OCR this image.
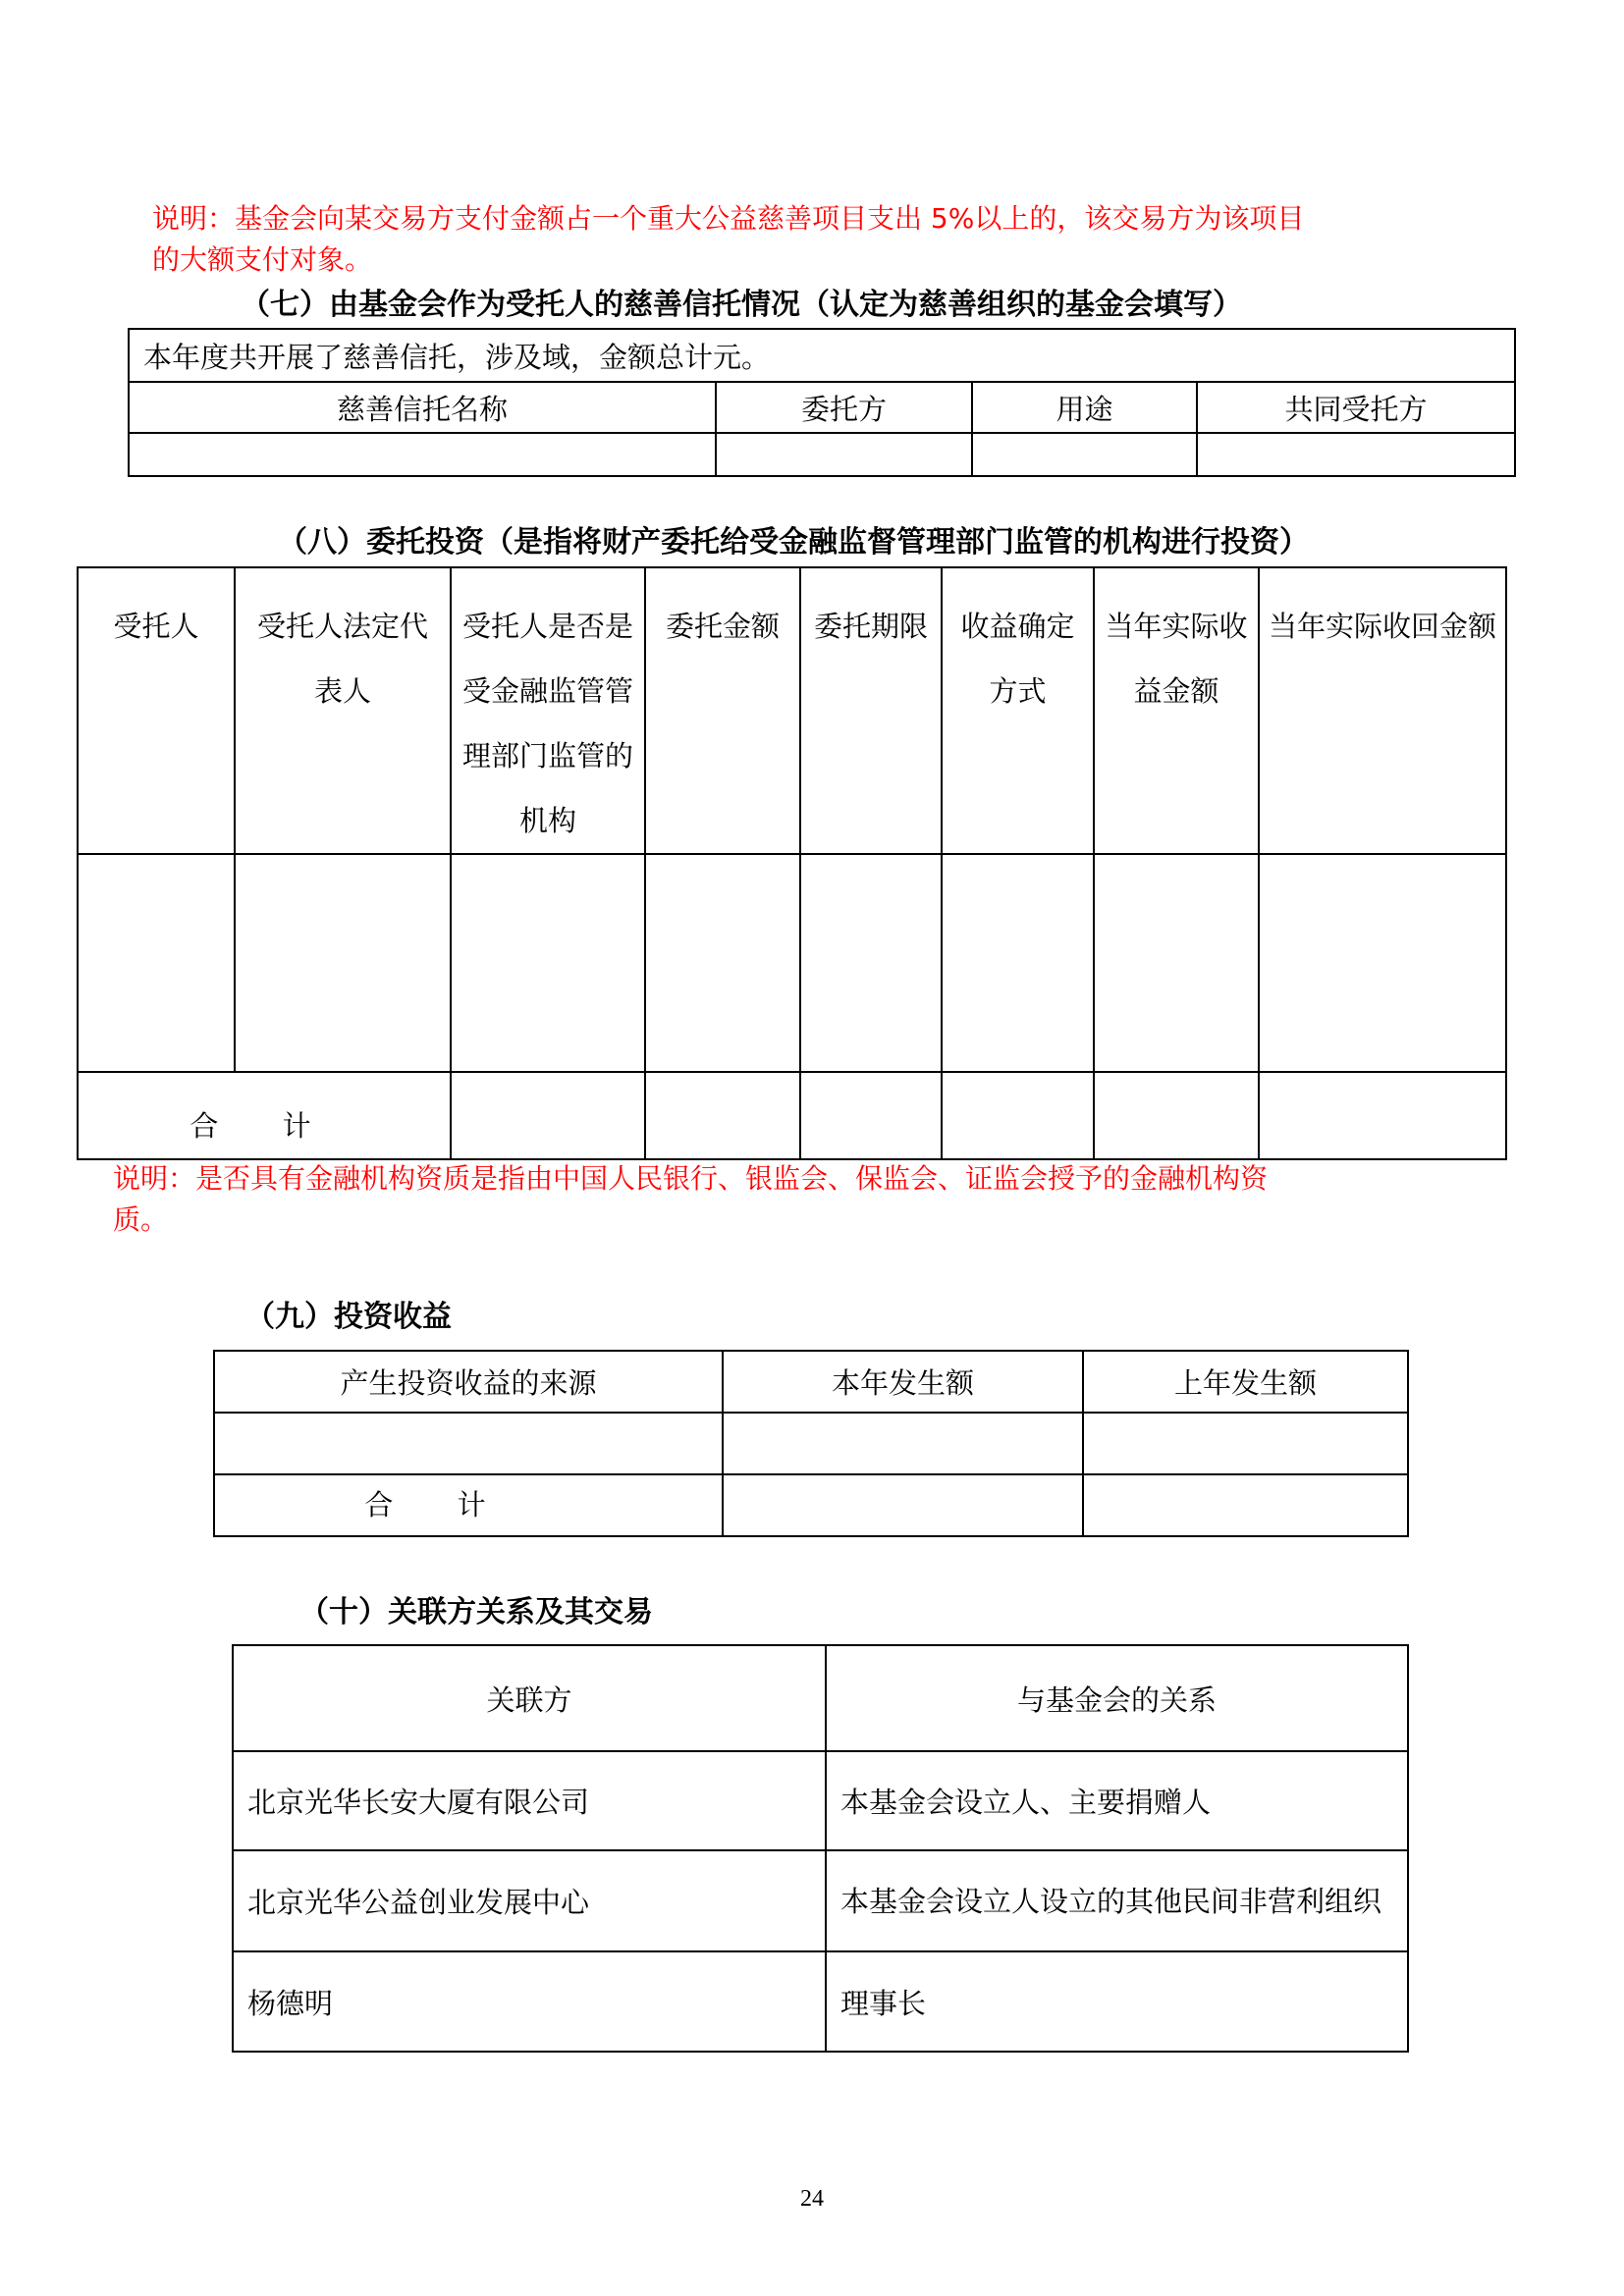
说明：基金会向某交易方支付金额占一个重大公益慈善项目支出 5%以上的，该交易方为该项目
的大额支付对象。
（七）由基金会作为受托人的慈善信托情况（认定为慈善组织的基金会填写）
本年度共开展了慈善信托，涉及域，金额总计元。			
慈善信托名称	委托方	用途	共同受托方

（八）委托投资（是指将财产委托给受金融监督管理部门监管的机构进行投资）
受托人	受托人法定代表人	受托人是否是受金融监管管理部门监管的机构	委托金额	委托期限	收益确定方式	当年实际收益金额	当年实际收回金额

合 计							
说明：是否具有金融机构资质是指由中国人民银行、银监会、保监会、证监会授予的金融机构资
质。
（九）投资收益
产生投资收益的来源	本年发生额	上年发生额

合 计		
（十）关联方关系及其交易
关联方	与基金会的关系
北京光华长安大厦有限公司	本基金会设立人、主要捐赠人
北京光华公益创业发展中心	本基金会设立人设立的其他民间非营利组织
杨德明	理事长
24
